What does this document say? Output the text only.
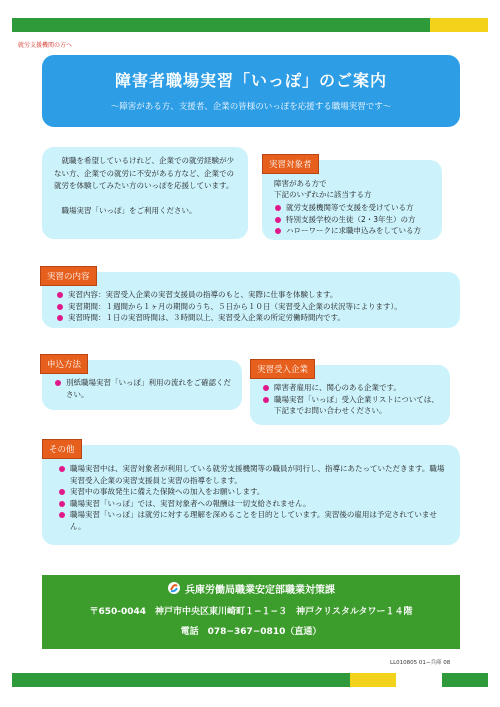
就労支援機関の方へ
障害者職場実習「いっぽ」のご案内
～障害がある方、支援者、企業の皆様のいっぽを応援する職場実習です～
就職を希望しているけれど、企業での就労経験が少ない方、企業での就労に不安がある方など、企業での就労を体験してみたい方のいっぽを応援しています。
職場実習「いっぽ」をご利用ください。
障害がある方で
下記のいずれかに該当する方
就労支援機関等で支援を受けている方
特別支援学校の生徒（2・3年生）の方
ハローワークに求職申込みをしている方
実習対象者
実習内容：実習受入企業の実習支援員の指導のもと、実際に仕事を体験します。
実習期間：１週間から１ヶ月の期間のうち、５日から１０日（実習受入企業の状況等によります）。
実習時間：１日の実習時間は、３時間以上、実習受入企業の所定労働時間内です。
実習の内容
別紙職場実習「いっぽ」利用の流れをご確認ください。
申込方法
障害者雇用に、関心のある企業です。
職場実習「いっぽ」受入企業リストについては、下記までお問い合わせください。
実習受入企業
職場実習中は、実習対象者が利用している就労支援機関等の職員が同行し、指導にあたっていただきます。職場実習受入企業の実習支援員と実習の指導をします。
実習中の事故発生に備えた保険への加入をお願いします。
職場実習「いっぽ」では、実習対象者への報酬は一切支給されません。
職場実習「いっぽ」は就労に対する理解を深めることを目的としています。実習後の雇用は予定されていません。
その他
兵庫労働局職業安定部職業対策課
〒650-0044　神戸市中央区東川崎町１−１−３　神戸クリスタルタワー１４階
電話　078−367−0810（直通）
LL010805 01−兵庫 08
